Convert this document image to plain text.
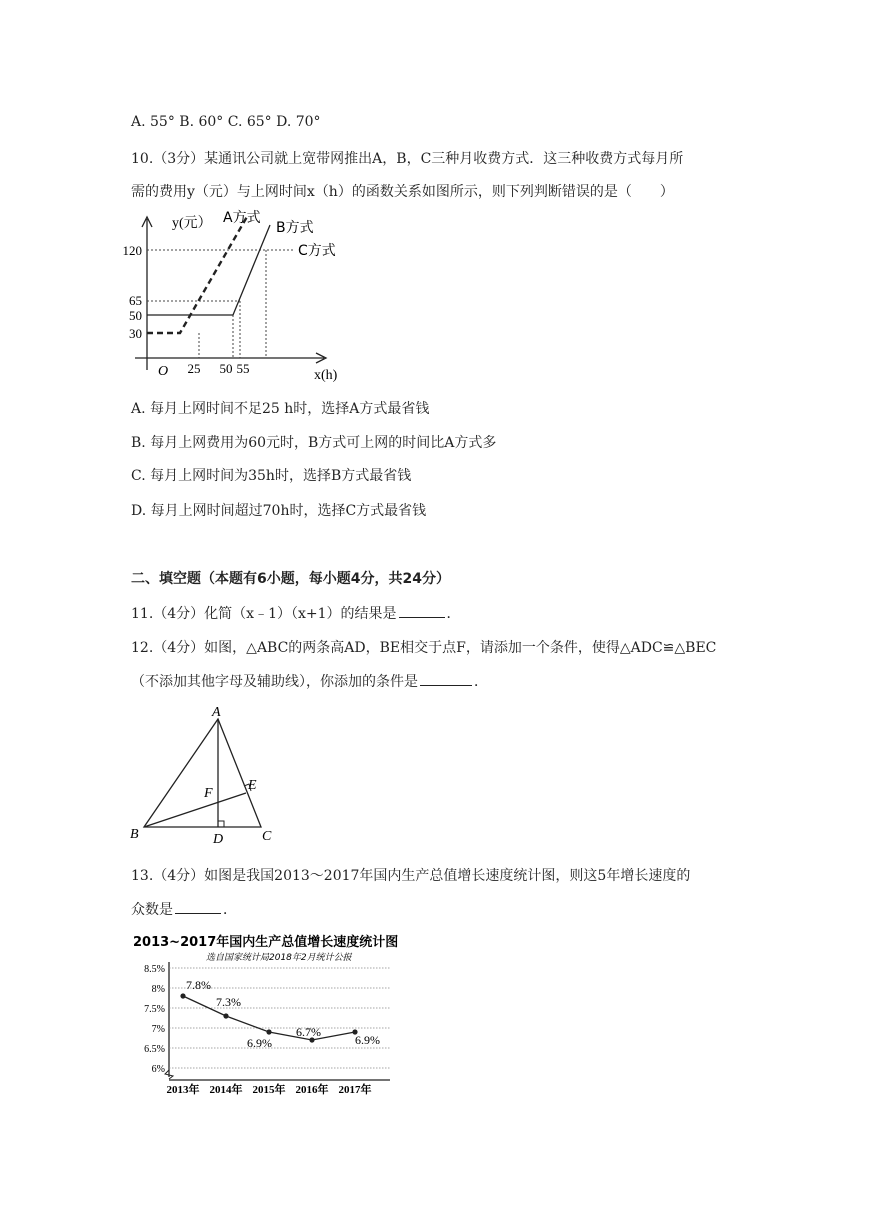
A. 55° B. 60° C. 65° D. 70°
10.（3分）某通讯公司就上宽带网推出A，B，C三种月收费方式．这三种收费方式每月所
需的费用y（元）与上网时间x（h）的函数关系如图所示，则下列判断错误的是（　　）
y(元） A方式
B方式
C方式
120
65
50
30
O 25 50 55	x(h)
A. 每月上网时间不足25 h时，选择A方式最省钱
B. 每月上网费用为60元时，B方式可上网的时间比A方式多
C. 每月上网时间为35h时，选择B方式最省钱
D. 每月上网时间超过70h时，选择C方式最省钱
二、填空题（本题有6小题，每小题4分，共24分）
11.（4分）化简（x﹣1）（x+1）的结果是	．
12.（4分）如图，△ABC的两条高AD，BE相交于点F，请添加一个条件，使得△ADC≌△BEC
（不添加其他字母及辅助线），你添加的条件是	．
A
B	C
D
E
F
13.（4分）如图是我国2013～2017年国内生产总值增长速度统计图，则这5年增长速度的
众数是	．
2013~2017年国内生产总值增长速度统计图
选自国家统计局2018年2月统计公报
8.5%
8%
7.5%
7%
6.5%
6%
2013年 2014年 2015年 2016年 2017年
7.8%
7.3%
6.9%
6.7%
6.9%
